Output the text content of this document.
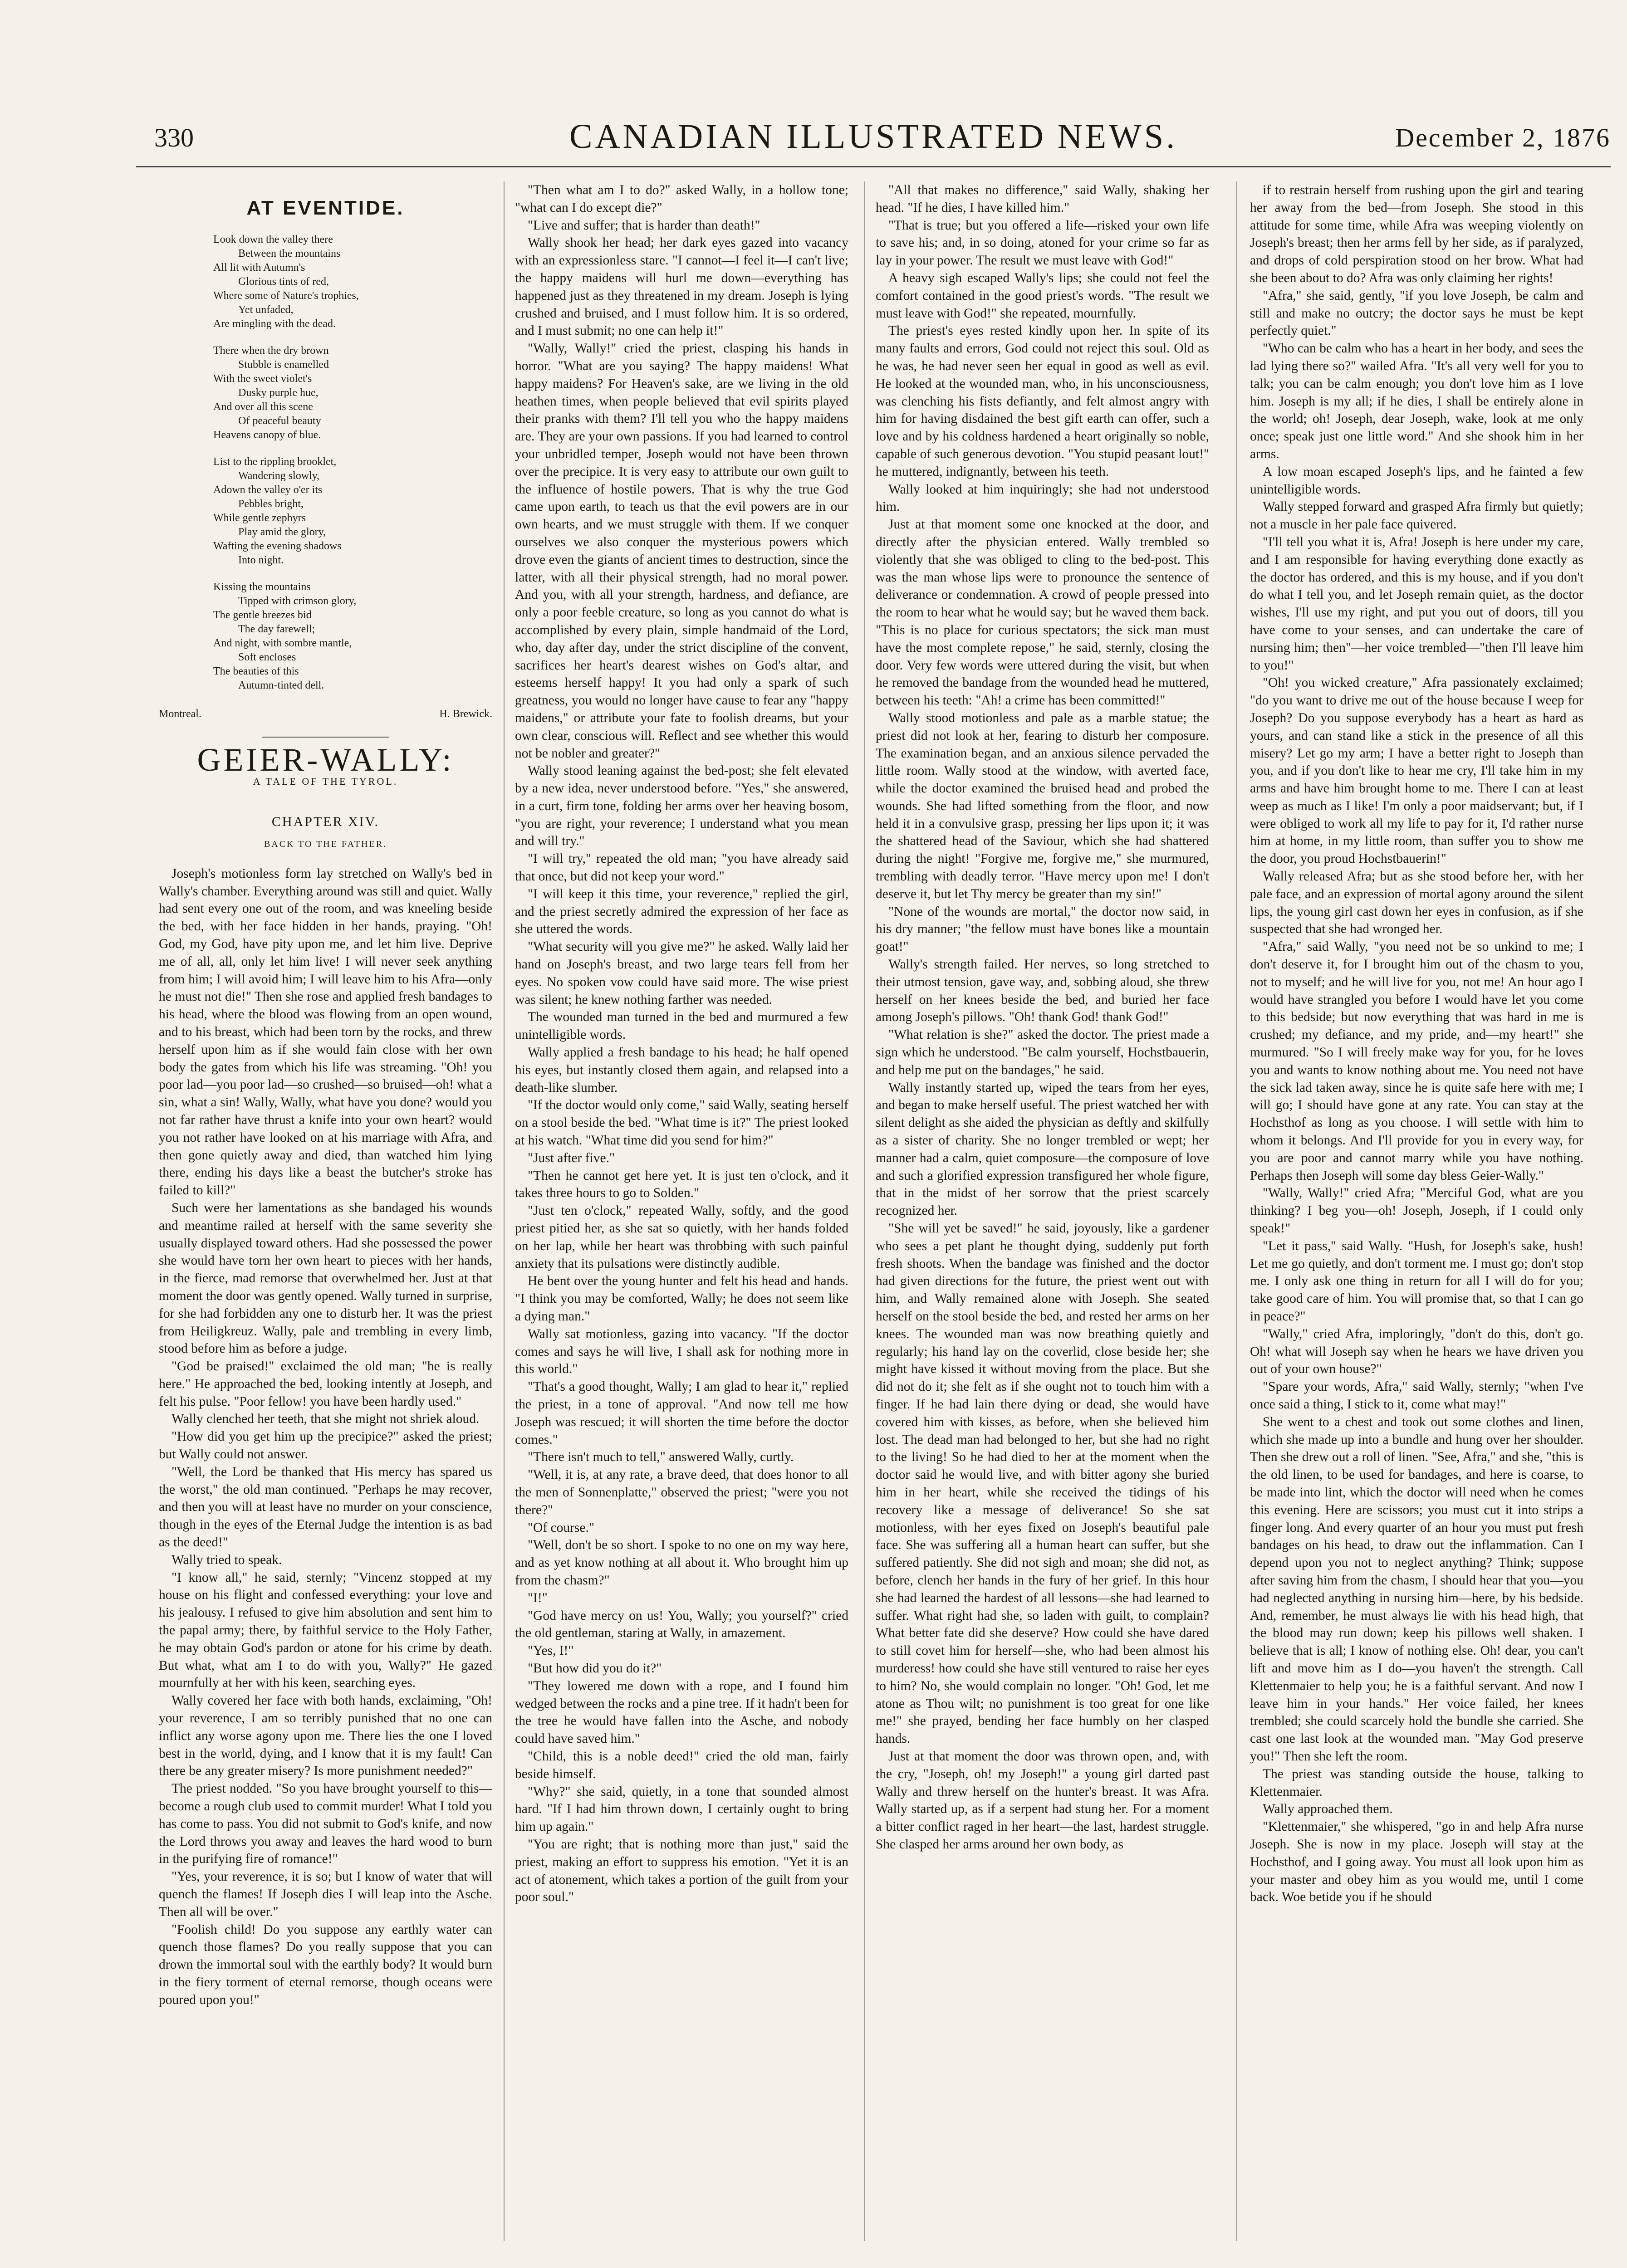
330	CANADIAN ILLUSTRATED NEWS.	December 2, 1876
AT EVENTIDE.
Look down the valley there
Between the mountains
All lit with Autumn's
Glorious tints of red,
Where some of Nature's trophies,
Yet unfaded,
Are mingling with the dead.
There when the dry brown
Stubble is enamelled
With the sweet violet's
Dusky purple hue,
And over all this scene
Of peaceful beauty
Heavens canopy of blue.
List to the rippling brooklet,
Wandering slowly,
Adown the valley o'er its
Pebbles bright,
While gentle zephyrs
Play amid the glory,
Wafting the evening shadows
Into night.
Kissing the mountains
Tipped with crimson glory,
The gentle breezes bid
The day farewell;
And night, with sombre mantle,
Soft encloses
The beauties of this
Autumn-tinted dell.
Montreal.	H. Brewick.
GEIER-WALLY:
A TALE OF THE TYROL.
CHAPTER XIV.
BACK TO THE FATHER.

Joseph's motionless form lay stretched on Wally's bed in Wally's chamber. Everything around was still and quiet. Wally had sent every one out of the room, and was kneeling beside the bed, with her face hidden in her hands, praying. "Oh! God, my God, have pity upon me, and let him live. Deprive me of all, all, only let him live! I will never seek anything from him; I will avoid him; I will leave him to his Afra—only he must not die!" Then she rose and applied fresh bandages to his head, where the blood was flowing from an open wound, and to his breast, which had been torn by the rocks, and threw herself upon him as if she would fain close with her own body the gates from which his life was streaming. "Oh! you poor lad—you poor lad—so crushed—so bruised—oh! what a sin, what a sin! Wally, Wally, what have you done? would you not far rather have thrust a knife into your own heart? would you not rather have looked on at his marriage with Afra, and then gone quietly away and died, than watched him lying there, ending his days like a beast the butcher's stroke has failed to kill?"

Such were her lamentations as she bandaged his wounds and meantime railed at herself with the same severity she usually displayed toward others. Had she possessed the power she would have torn her own heart to pieces with her hands, in the fierce, mad remorse that overwhelmed her. Just at that moment the door was gently opened. Wally turned in surprise, for she had forbidden any one to disturb her. It was the priest from Heiligkreuz. Wally, pale and trembling in every limb, stood before him as before a judge.

"God be praised!" exclaimed the old man; "he is really here." He approached the bed, looking intently at Joseph, and felt his pulse. "Poor fellow! you have been hardly used."

Wally clenched her teeth, that she might not shriek aloud.

"How did you get him up the precipice?" asked the priest; but Wally could not answer.

"Well, the Lord be thanked that His mercy has spared us the worst," the old man continued. "Perhaps he may recover, and then you will at least have no murder on your conscience, though in the eyes of the Eternal Judge the intention is as bad as the deed!"

Wally tried to speak.

"I know all," he said, sternly; "Vincenz stopped at my house on his flight and confessed everything: your love and his jealousy. I refused to give him absolution and sent him to the papal army; there, by faithful service to the Holy Father, he may obtain God's pardon or atone for his crime by death. But what, what am I to do with you, Wally?" He gazed mournfully at her with his keen, searching eyes.

Wally covered her face with both hands, exclaiming, "Oh! your reverence, I am so terribly punished that no one can inflict any worse agony upon me. There lies the one I loved best in the world, dying, and I know that it is my fault! Can there be any greater misery? Is more punishment needed?"

The priest nodded. "So you have brought yourself to this—become a rough club used to commit murder! What I told you has come to pass. You did not submit to God's knife, and now the Lord throws you away and leaves the hard wood to burn in the purifying fire of romance!"

"Yes, your reverence, it is so; but I know of water that will quench the flames! If Joseph dies I will leap into the Asche. Then all will be over."

"Foolish child! Do you suppose any earthly water can quench those flames? Do you really suppose that you can drown the immortal soul with the earthly body? It would burn in the fiery torment of eternal remorse, though oceans were poured upon you!"

"Then what am I to do?" asked Wally, in a hollow tone; "what can I do except die?"

"Live and suffer; that is harder than death!"

Wally shook her head; her dark eyes gazed into vacancy with an expressionless stare. "I cannot—I feel it—I can't live; the happy maidens will hurl me down—everything has happened just as they threatened in my dream. Joseph is lying crushed and bruised, and I must follow him. It is so ordered, and I must submit; no one can help it!"

"Wally, Wally!" cried the priest, clasping his hands in horror. "What are you saying? The happy maidens! What happy maidens? For Heaven's sake, are we living in the old heathen times, when people believed that evil spirits played their pranks with them? I'll tell you who the happy maidens are. They are your own passions. If you had learned to control your unbridled temper, Joseph would not have been thrown over the precipice. It is very easy to attribute our own guilt to the influence of hostile powers. That is why the true God came upon earth, to teach us that the evil powers are in our own hearts, and we must struggle with them. If we conquer ourselves we also conquer the mysterious powers which drove even the giants of ancient times to destruction, since the latter, with all their physical strength, had no moral power. And you, with all your strength, hardness, and defiance, are only a poor feeble creature, so long as you cannot do what is accomplished by every plain, simple handmaid of the Lord, who, day after day, under the strict discipline of the convent, sacrifices her heart's dearest wishes on God's altar, and esteems herself happy! It you had only a spark of such greatness, you would no longer have cause to fear any "happy maidens," or attribute your fate to foolish dreams, but your own clear, conscious will. Reflect and see whether this would not be nobler and greater?"

Wally stood leaning against the bed-post; she felt elevated by a new idea, never understood before. "Yes," she answered, in a curt, firm tone, folding her arms over her heaving bosom, "you are right, your reverence; I understand what you mean and will try."

"I will try," repeated the old man; "you have already said that once, but did not keep your word."

"I will keep it this time, your reverence," replied the girl, and the priest secretly admired the expression of her face as she uttered the words.

"What security will you give me?" he asked. Wally laid her hand on Joseph's breast, and two large tears fell from her eyes. No spoken vow could have said more. The wise priest was silent; he knew nothing farther was needed.

The wounded man turned in the bed and murmured a few unintelligible words.

Wally applied a fresh bandage to his head; he half opened his eyes, but instantly closed them again, and relapsed into a death-like slumber.

"If the doctor would only come," said Wally, seating herself on a stool beside the bed. "What time is it?" The priest looked at his watch. "What time did you send for him?"

"Just after five."

"Then he cannot get here yet. It is just ten o'clock, and it takes three hours to go to Solden."

"Just ten o'clock," repeated Wally, softly, and the good priest pitied her, as she sat so quietly, with her hands folded on her lap, while her heart was throbbing with such painful anxiety that its pulsations were distinctly audible.

He bent over the young hunter and felt his head and hands. "I think you may be comforted, Wally; he does not seem like a dying man."

Wally sat motionless, gazing into vacancy. "If the doctor comes and says he will live, I shall ask for nothing more in this world."

"That's a good thought, Wally; I am glad to hear it," replied the priest, in a tone of approval. "And now tell me how Joseph was rescued; it will shorten the time before the doctor comes."

"There isn't much to tell," answered Wally, curtly.

"Well, it is, at any rate, a brave deed, that does honor to all the men of Sonnenplatte," observed the priest; "were you not there?"

"Of course."

"Well, don't be so short. I spoke to no one on my way here, and as yet know nothing at all about it. Who brought him up from the chasm?"

"I!"

"God have mercy on us! You, Wally; you yourself?" cried the old gentleman, staring at Wally, in amazement.

"Yes, I!"

"But how did you do it?"

"They lowered me down with a rope, and I found him wedged between the rocks and a pine tree. If it hadn't been for the tree he would have fallen into the Asche, and nobody could have saved him."

"Child, this is a noble deed!" cried the old man, fairly beside himself.

"Why?" she said, quietly, in a tone that sounded almost hard. "If I had him thrown down, I certainly ought to bring him up again."

"You are right; that is nothing more than just," said the priest, making an effort to suppress his emotion. "Yet it is an act of atonement, which takes a portion of the guilt from your poor soul."

"All that makes no difference," said Wally, shaking her head. "If he dies, I have killed him."

"That is true; but you offered a life—risked your own life to save his; and, in so doing, atoned for your crime so far as lay in your power. The result we must leave with God!"

A heavy sigh escaped Wally's lips; she could not feel the comfort contained in the good priest's words. "The result we must leave with God!" she repeated, mournfully.

The priest's eyes rested kindly upon her. In spite of its many faults and errors, God could not reject this soul. Old as he was, he had never seen her equal in good as well as evil. He looked at the wounded man, who, in his unconsciousness, was clenching his fists defiantly, and felt almost angry with him for having disdained the best gift earth can offer, such a love and by his coldness hardened a heart originally so noble, capable of such generous devotion. "You stupid peasant lout!" he muttered, indignantly, between his teeth.

Wally looked at him inquiringly; she had not understood him.

Just at that moment some one knocked at the door, and directly after the physician entered. Wally trembled so violently that she was obliged to cling to the bed-post. This was the man whose lips were to pronounce the sentence of deliverance or condemnation. A crowd of people pressed into the room to hear what he would say; but he waved them back. "This is no place for curious spectators; the sick man must have the most complete repose," he said, sternly, closing the door. Very few words were uttered during the visit, but when he removed the bandage from the wounded head he muttered, between his teeth: "Ah! a crime has been committed!"

Wally stood motionless and pale as a marble statue; the priest did not look at her, fearing to disturb her composure. The examination began, and an anxious silence pervaded the little room. Wally stood at the window, with averted face, while the doctor examined the bruised head and probed the wounds. She had lifted something from the floor, and now held it in a convulsive grasp, pressing her lips upon it; it was the shattered head of the Saviour, which she had shattered during the night! "Forgive me, forgive me," she murmured, trembling with deadly terror. "Have mercy upon me! I don't deserve it, but let Thy mercy be greater than my sin!"

"None of the wounds are mortal," the doctor now said, in his dry manner; "the fellow must have bones like a mountain goat!"

Wally's strength failed. Her nerves, so long stretched to their utmost tension, gave way, and, sobbing aloud, she threw herself on her knees beside the bed, and buried her face among Joseph's pillows. "Oh! thank God! thank God!"

"What relation is she?" asked the doctor. The priest made a sign which he understood. "Be calm yourself, Hochstbauerin, and help me put on the bandages," he said.

Wally instantly started up, wiped the tears from her eyes, and began to make herself useful. The priest watched her with silent delight as she aided the physician as deftly and skilfully as a sister of charity. She no longer trembled or wept; her manner had a calm, quiet composure—the composure of love and such a glorified expression transfigured her whole figure, that in the midst of her sorrow that the priest scarcely recognized her.

"She will yet be saved!" he said, joyously, like a gardener who sees a pet plant he thought dying, suddenly put forth fresh shoots. When the bandage was finished and the doctor had given directions for the future, the priest went out with him, and Wally remained alone with Joseph. She seated herself on the stool beside the bed, and rested her arms on her knees. The wounded man was now breathing quietly and regularly; his hand lay on the coverlid, close beside her; she might have kissed it without moving from the place. But she did not do it; she felt as if she ought not to touch him with a finger. If he had lain there dying or dead, she would have covered him with kisses, as before, when she believed him lost. The dead man had belonged to her, but she had no right to the living! So he had died to her at the moment when the doctor said he would live, and with bitter agony she buried him in her heart, while she received the tidings of his recovery like a message of deliverance! So she sat motionless, with her eyes fixed on Joseph's beautiful pale face. She was suffering all a human heart can suffer, but she suffered patiently. She did not sigh and moan; she did not, as before, clench her hands in the fury of her grief. In this hour she had learned the hardest of all lessons—she had learned to suffer. What right had she, so laden with guilt, to complain? What better fate did she deserve? How could she have dared to still covet him for herself—she, who had been almost his murderess! how could she have still ventured to raise her eyes to him? No, she would complain no longer. "Oh! God, let me atone as Thou wilt; no punishment is too great for one like me!" she prayed, bending her face humbly on her clasped hands.

Just at that moment the door was thrown open, and, with the cry, "Joseph, oh! my Joseph!" a young girl darted past Wally and threw herself on the hunter's breast. It was Afra. Wally started up, as if a serpent had stung her. For a moment a bitter conflict raged in her heart—the last, hardest struggle. She clasped her arms around her own body, as

if to restrain herself from rushing upon the girl and tearing her away from the bed—from Joseph. She stood in this attitude for some time, while Afra was weeping violently on Joseph's breast; then her arms fell by her side, as if paralyzed, and drops of cold perspiration stood on her brow. What had she been about to do? Afra was only claiming her rights!

"Afra," she said, gently, "if you love Joseph, be calm and still and make no outcry; the doctor says he must be kept perfectly quiet."

"Who can be calm who has a heart in her body, and sees the lad lying there so?" wailed Afra. "It's all very well for you to talk; you can be calm enough; you don't love him as I love him. Joseph is my all; if he dies, I shall be entirely alone in the world; oh! Joseph, dear Joseph, wake, look at me only once; speak just one little word." And she shook him in her arms.

A low moan escaped Joseph's lips, and he fainted a few unintelligible words.

Wally stepped forward and grasped Afra firmly but quietly; not a muscle in her pale face quivered.

"I'll tell you what it is, Afra! Joseph is here under my care, and I am responsible for having everything done exactly as the doctor has ordered, and this is my house, and if you don't do what I tell you, and let Joseph remain quiet, as the doctor wishes, I'll use my right, and put you out of doors, till you have come to your senses, and can undertake the care of nursing him; then"—her voice trembled—"then I'll leave him to you!"

"Oh! you wicked creature," Afra passionately exclaimed; "do you want to drive me out of the house because I weep for Joseph? Do you suppose everybody has a heart as hard as yours, and can stand like a stick in the presence of all this misery? Let go my arm; I have a better right to Joseph than you, and if you don't like to hear me cry, I'll take him in my arms and have him brought home to me. There I can at least weep as much as I like! I'm only a poor maidservant; but, if I were obliged to work all my life to pay for it, I'd rather nurse him at home, in my little room, than suffer you to show me the door, you proud Hochstbauerin!"

Wally released Afra; but as she stood before her, with her pale face, and an expression of mortal agony around the silent lips, the young girl cast down her eyes in confusion, as if she suspected that she had wronged her.

"Afra," said Wally, "you need not be so unkind to me; I don't deserve it, for I brought him out of the chasm to you, not to myself; and he will live for you, not me! An hour ago I would have strangled you before I would have let you come to this bedside; but now everything that was hard in me is crushed; my defiance, and my pride, and—my heart!" she murmured. "So I will freely make way for you, for he loves you and wants to know nothing about me. You need not have the sick lad taken away, since he is quite safe here with me; I will go; I should have gone at any rate. You can stay at the Hochsthof as long as you choose. I will settle with him to whom it belongs. And I'll provide for you in every way, for you are poor and cannot marry while you have nothing. Perhaps then Joseph will some day bless Geier-Wally."

"Wally, Wally!" cried Afra; "Merciful God, what are you thinking? I beg you—oh! Joseph, Joseph, if I could only speak!"

"Let it pass," said Wally. "Hush, for Joseph's sake, hush! Let me go quietly, and don't torment me. I must go; don't stop me. I only ask one thing in return for all I will do for you; take good care of him. You will promise that, so that I can go in peace?"

"Wally," cried Afra, imploringly, "don't do this, don't go. Oh! what will Joseph say when he hears we have driven you out of your own house?"

"Spare your words, Afra," said Wally, sternly; "when I've once said a thing, I stick to it, come what may!"

She went to a chest and took out some clothes and linen, which she made up into a bundle and hung over her shoulder. Then she drew out a roll of linen. "See, Afra," and she, "this is the old linen, to be used for bandages, and here is coarse, to be made into lint, which the doctor will need when he comes this evening. Here are scissors; you must cut it into strips a finger long. And every quarter of an hour you must put fresh bandages on his head, to draw out the inflammation. Can I depend upon you not to neglect anything? Think; suppose after saving him from the chasm, I should hear that you—you had neglected anything in nursing him—here, by his bedside. And, remember, he must always lie with his head high, that the blood may run down; keep his pillows well shaken. I believe that is all; I know of nothing else. Oh! dear, you can't lift and move him as I do—you haven't the strength. Call Klettenmaier to help you; he is a faithful servant. And now I leave him in your hands." Her voice failed, her knees trembled; she could scarcely hold the bundle she carried. She cast one last look at the wounded man. "May God preserve you!" Then she left the room.

The priest was standing outside the house, talking to Klettenmaier.

Wally approached them.

"Klettenmaier," she whispered, "go in and help Afra nurse Joseph. She is now in my place. Joseph will stay at the Hochsthof, and I going away. You must all look upon him as your master and obey him as you would me, until I come back. Woe betide you if he should
